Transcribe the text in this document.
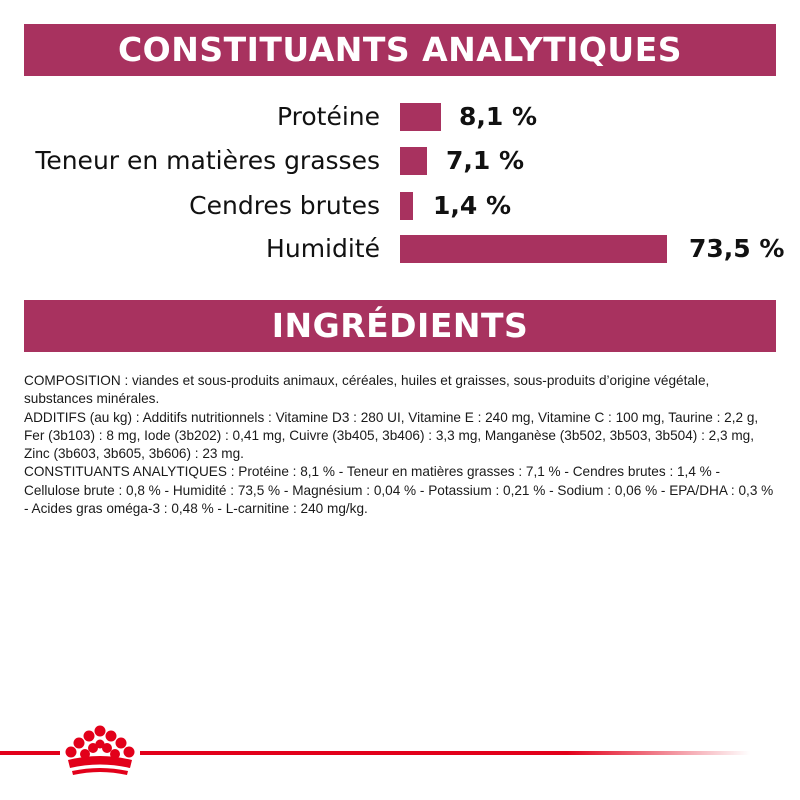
CONSTITUANTS ANALYTIQUES
Protéine	8,1 %
Teneur en matières grasses	7,1 %
Cendres brutes 1,4 %
Humidité	73,5 %
INGRÉDIENTS

COMPOSITION : viandes et sous-produits animaux, céréales, huiles et graisses, sous-produits d’origine végétale, substances minérales.

ADDITIFS (au kg) : Additifs nutritionnels : Vitamine D3 : 280 UI, Vitamine E : 240 mg, Vitamine C : 100 mg, Taurine : 2,2 g, Fer (3b103) : 8 mg, Iode (3b202) : 0,41 mg, Cuivre (3b405, 3b406) : 3,3 mg, Manganèse (3b502, 3b503, 3b504) : 2,3 mg, Zinc (3b603, 3b605, 3b606) : 23 mg.

CONSTITUANTS ANALYTIQUES : Protéine : 8,1 % - Teneur en matières grasses : 7,1 % - Cendres brutes : 1,4 % - Cellulose brute : 0,8 % - Humidité : 73,5 % - Magnésium : 0,04 % - Potassium : 0,21 % - Sodium : 0,06 % - EPA/DHA : 0,3 % - Acides gras oméga-3 : 0,48 % - L-carnitine : 240 mg/kg.
